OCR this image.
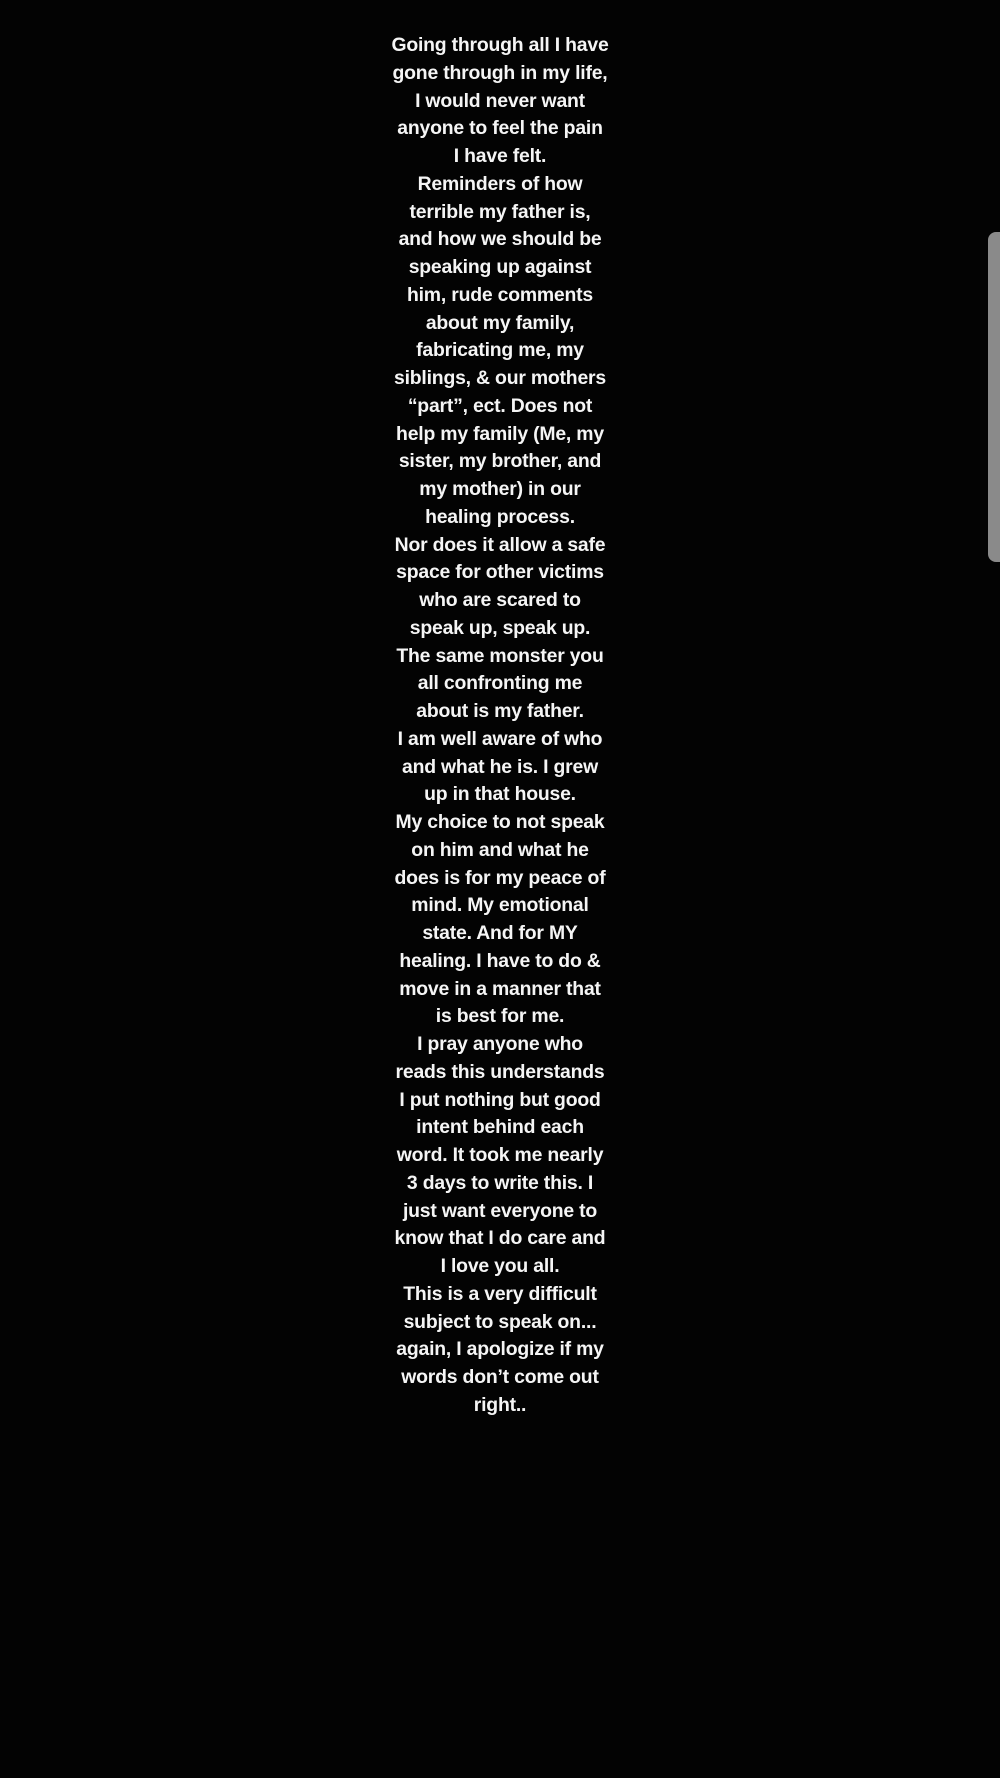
Going through all I have
gone through in my life,
I would never want
anyone to feel the pain
I have felt.
Reminders of how
terrible my father is,
and how we should be
speaking up against
him, rude comments
about my family,
fabricating me, my
siblings, & our mothers
“part”, ect. Does not
help my family (Me, my
sister, my brother, and
my mother) in our
healing process.
Nor does it allow a safe
space for other victims
who are scared to
speak up, speak up.
The same monster you
all confronting me
about is my father.
I am well aware of who
and what he is. I grew
up in that house.
My choice to not speak
on him and what he
does is for my peace of
mind. My emotional
state. And for MY
healing. I have to do &
move in a manner that
is best for me.
I pray anyone who
reads this understands
I put nothing but good
intent behind each
word. It took me nearly
3 days to write this. I
just want everyone to
know that I do care and
I love you all.
This is a very difficult
subject to speak on...
again, I apologize if my
words don’t come out
right..
